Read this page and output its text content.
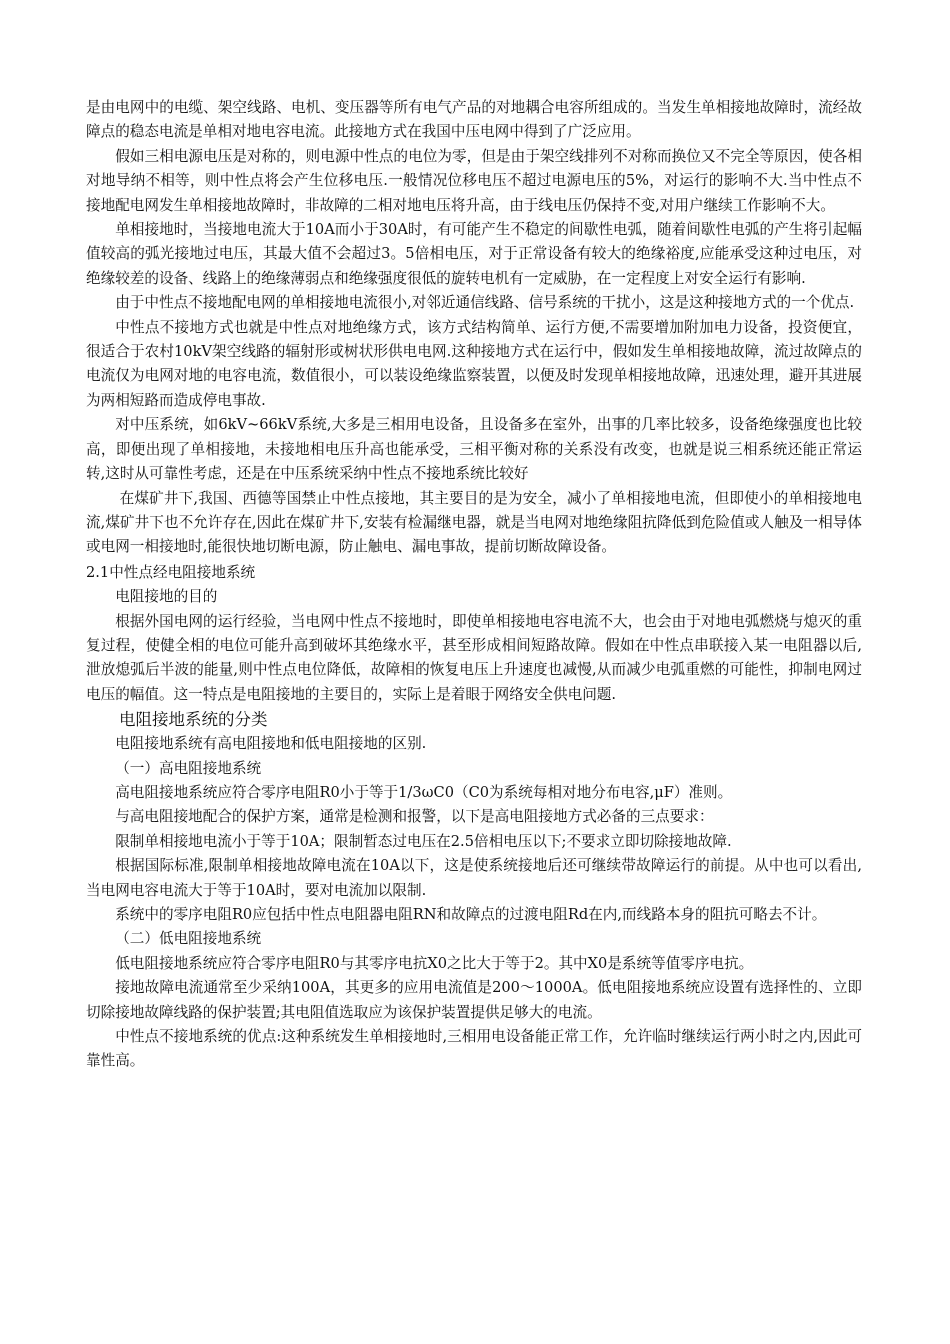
是由电网中的电缆、架空线路、电机、变压器等所有电气产品的对地耦合电容所组成的。当发生单相接地故障时，流经故障点的稳态电流是单相对地电容电流。此接地方式在我国中压电网中得到了广泛应用。

假如三相电源电压是对称的，则电源中性点的电位为零，但是由于架空线排列不对称而换位又不完全等原因，使各相对地导纳不相等，则中性点将会产生位移电压.一般情况位移电压不超过电源电压的5%，对运行的影响不大.当中性点不接地配电网发生单相接地故障时，非故障的二相对地电压将升高，由于线电压仍保持不变,对用户继续工作影响不大。

单相接地时，当接地电流大于10A而小于30A时，有可能产生不稳定的间歇性电弧，随着间歇性电弧的产生将引起幅值较高的弧光接地过电压，其最大值不会超过3。5倍相电压，对于正常设备有较大的绝缘裕度,应能承受这种过电压，对绝缘较差的设备、线路上的绝缘薄弱点和绝缘强度很低的旋转电机有一定威胁，在一定程度上对安全运行有影响.

由于中性点不接地配电网的单相接地电流很小,对邻近通信线路、信号系统的干扰小，这是这种接地方式的一个优点.

中性点不接地方式也就是中性点对地绝缘方式，该方式结构简单、运行方便,不需要增加附加电力设备，投资便宜，很适合于农村10kV架空线路的辐射形或树状形供电电网.这种接地方式在运行中，假如发生单相接地故障，流过故障点的电流仅为电网对地的电容电流，数值很小，可以装设绝缘监察装置，以便及时发现单相接地故障，迅速处理，避开其进展为两相短路而造成停电事故.

对中压系统，如6kV~66kV系统,大多是三相用电设备，且设备多在室外，出事的几率比较多，设备绝缘强度也比较高，即便出现了单相接地，未接地相电压升高也能承受，三相平衡对称的关系没有改变，也就是说三相系统还能正常运转,这时从可靠性考虑，还是在中压系统采纳中性点不接地系统比较好

在煤矿井下,我国、西德等国禁止中性点接地，其主要目的是为安全，减小了单相接地电流，但即使小的单相接地电流,煤矿井下也不允许存在,因此在煤矿井下,安装有检漏继电器，就是当电网对地绝缘阻抗降低到危险值或人触及一相导体或电网一相接地时,能很快地切断电源，防止触电、漏电事故，提前切断故障设备。

2.1中性点经电阻接地系统

电阻接地的目的

根据外国电网的运行经验，当电网中性点不接地时，即使单相接地电容电流不大，也会由于对地电弧燃烧与熄灭的重复过程，使健全相的电位可能升高到破坏其绝缘水平，甚至形成相间短路故障。假如在中性点串联接入某一电阻器以后,泄放熄弧后半波的能量,则中性点电位降低，故障相的恢复电压上升速度也减慢,从而减少电弧重燃的可能性，抑制电网过电压的幅值。这一特点是电阻接地的主要目的，实际上是着眼于网络安全供电问题.

电阻接地系统的分类

电阻接地系统有高电阻接地和低电阻接地的区别.

（一）高电阻接地系统

高电阻接地系统应符合零序电阻R0小于等于1/3ωC0（C0为系统每相对地分布电容,μF）准则。

与高电阻接地配合的保护方案，通常是检测和报警，以下是高电阻接地方式必备的三点要求：

限制单相接地电流小于等于10A；限制暂态过电压在2.5倍相电压以下;不要求立即切除接地故障.

根据国际标准,限制单相接地故障电流在10A以下，这是使系统接地后还可继续带故障运行的前提。从中也可以看出,当电网电容电流大于等于10A时，要对电流加以限制.

系统中的零序电阻R0应包括中性点电阻器电阻RN和故障点的过渡电阻Rd在内,而线路本身的阻抗可略去不计。

（二）低电阻接地系统

低电阻接地系统应符合零序电阻R0与其零序电抗X0之比大于等于2。其中X0是系统等值零序电抗。

接地故障电流通常至少采纳100A，其更多的应用电流值是200～1000A。低电阻接地系统应设置有选择性的、立即切除接地故障线路的保护装置;其电阻值选取应为该保护装置提供足够大的电流。

中性点不接地系统的优点:这种系统发生单相接地时,三相用电设备能正常工作，允许临时继续运行两小时之内,因此可靠性高。
